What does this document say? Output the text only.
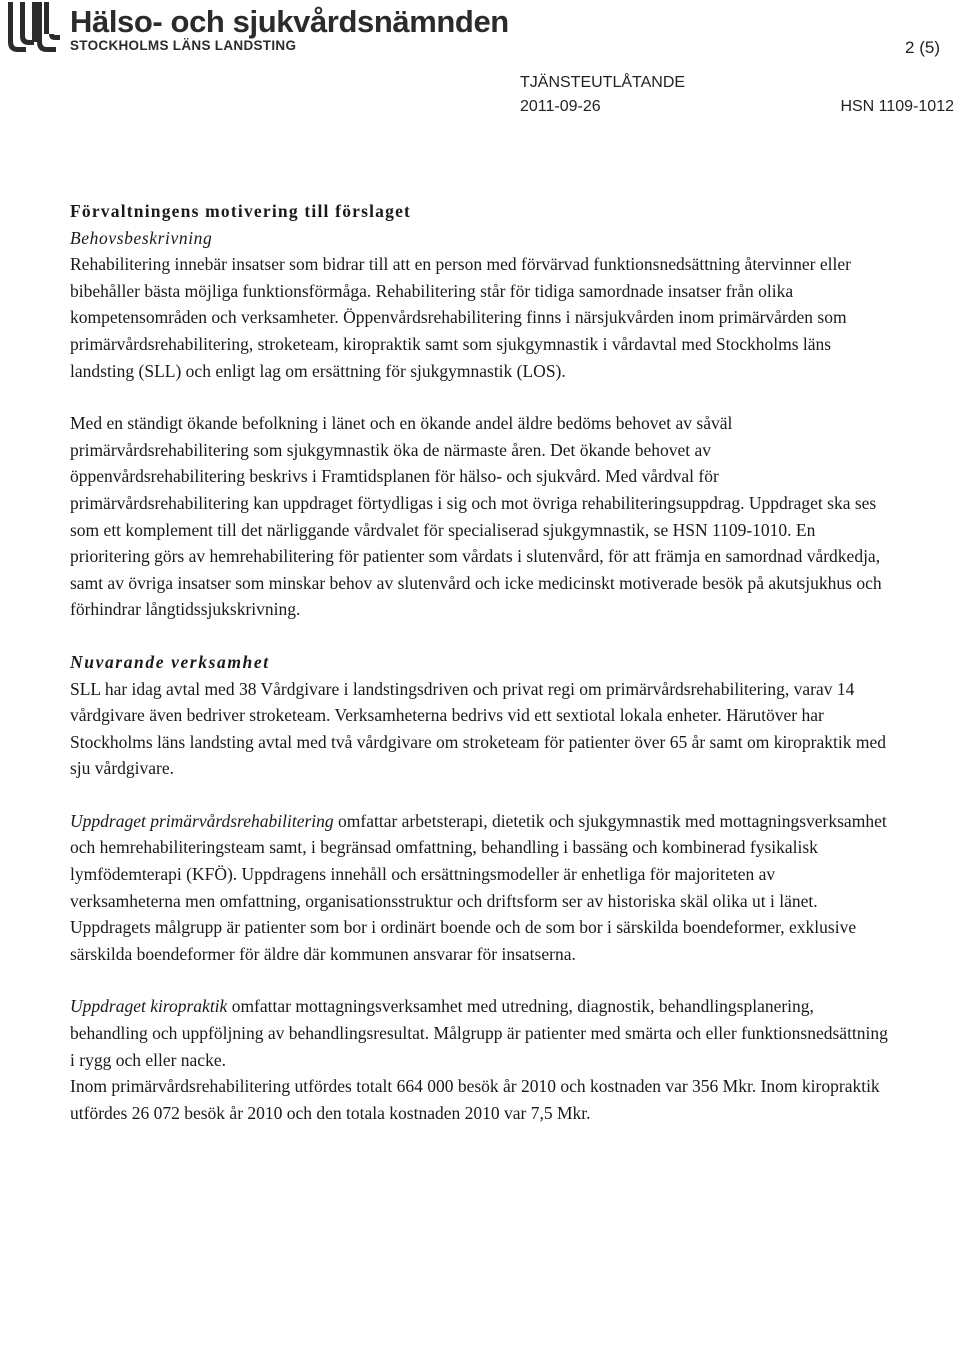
Hälso- och sjukvårdsnämnden
STOCKHOLMS LÄNS LANDSTING	2 (5)
TJÄNSTEUTLÅTANDE
2011-09-26	HSN 1109-1012

Förvaltningens motivering till förslaget

Behovsbeskrivning

Rehabilitering innebär insatser som bidrar till att en person med förvärvad funktionsnedsättning återvinner eller bibehåller bästa möjliga funktionsförmåga. Rehabilitering står för tidiga samordnade insatser från olika kompetensområden och verksamheter. Öppenvårdsrehabilitering finns i närsjukvården inom primärvården som primärvårdsrehabilitering, stroketeam, kiropraktik samt som sjukgymnastik i vårdavtal med Stockholms läns landsting (SLL) och enligt lag om ersättning för sjukgymnastik (LOS).

Med en ständigt ökande befolkning i länet och en ökande andel äldre bedöms behovet av såväl primärvårdsrehabilitering som sjukgymnastik öka de närmaste åren. Det ökande behovet av öppenvårdsrehabilitering beskrivs i Framtidsplanen för hälso- och sjukvård. Med vårdval för primärvårdsrehabilitering kan uppdraget förtydligas i sig och mot övriga rehabiliteringsuppdrag. Uppdraget ska ses som ett komplement till det närliggande vårdvalet för specialiserad sjukgymnastik, se HSN 1109-1010. En prioritering görs av hemrehabilitering för patienter som vårdats i slutenvård, för att främja en samordnad vårdkedja, samt av övriga insatser som minskar behov av slutenvård och icke medicinskt motiverade besök på akutsjukhus och förhindrar långtidssjukskrivning.

Nuvarande verksamhet

SLL har idag avtal med 38 Vårdgivare i landstingsdriven och privat regi om primärvårdsrehabilitering, varav 14 vårdgivare även bedriver stroketeam. Verksamheterna bedrivs vid ett sextiotal lokala enheter. Härutöver har Stockholms läns landsting avtal med två vårdgivare om stroketeam för patienter över 65 år samt om kiropraktik med sju vårdgivare.

Uppdraget primärvårdsrehabilitering omfattar arbetsterapi, dietetik och sjukgymnastik med mottagningsverksamhet och hemrehabiliteringsteam samt, i begränsad omfattning, behandling i bassäng och kombinerad fysikalisk lymfödemterapi (KFÖ). Uppdragens innehåll och ersättningsmodeller är enhetliga för majoriteten av verksamheterna men omfattning, organisationsstruktur och driftsform ser av historiska skäl olika ut i länet. Uppdragets målgrupp är patienter som bor i ordinärt boende och de som bor i särskilda boendeformer, exklusive särskilda boendeformer för äldre där kommunen ansvarar för insatserna.

Uppdraget kiropraktik omfattar mottagningsverksamhet med utredning, diagnostik, behandlingsplanering, behandling och uppföljning av behandlingsresultat. Målgrupp är patienter med smärta och eller funktionsnedsättning i rygg och eller nacke.

Inom primärvårdsrehabilitering utfördes totalt 664 000 besök år 2010 och kostnaden var 356 Mkr. Inom kiropraktik utfördes 26 072 besök år 2010 och den totala kostnaden 2010 var 7,5 Mkr.
